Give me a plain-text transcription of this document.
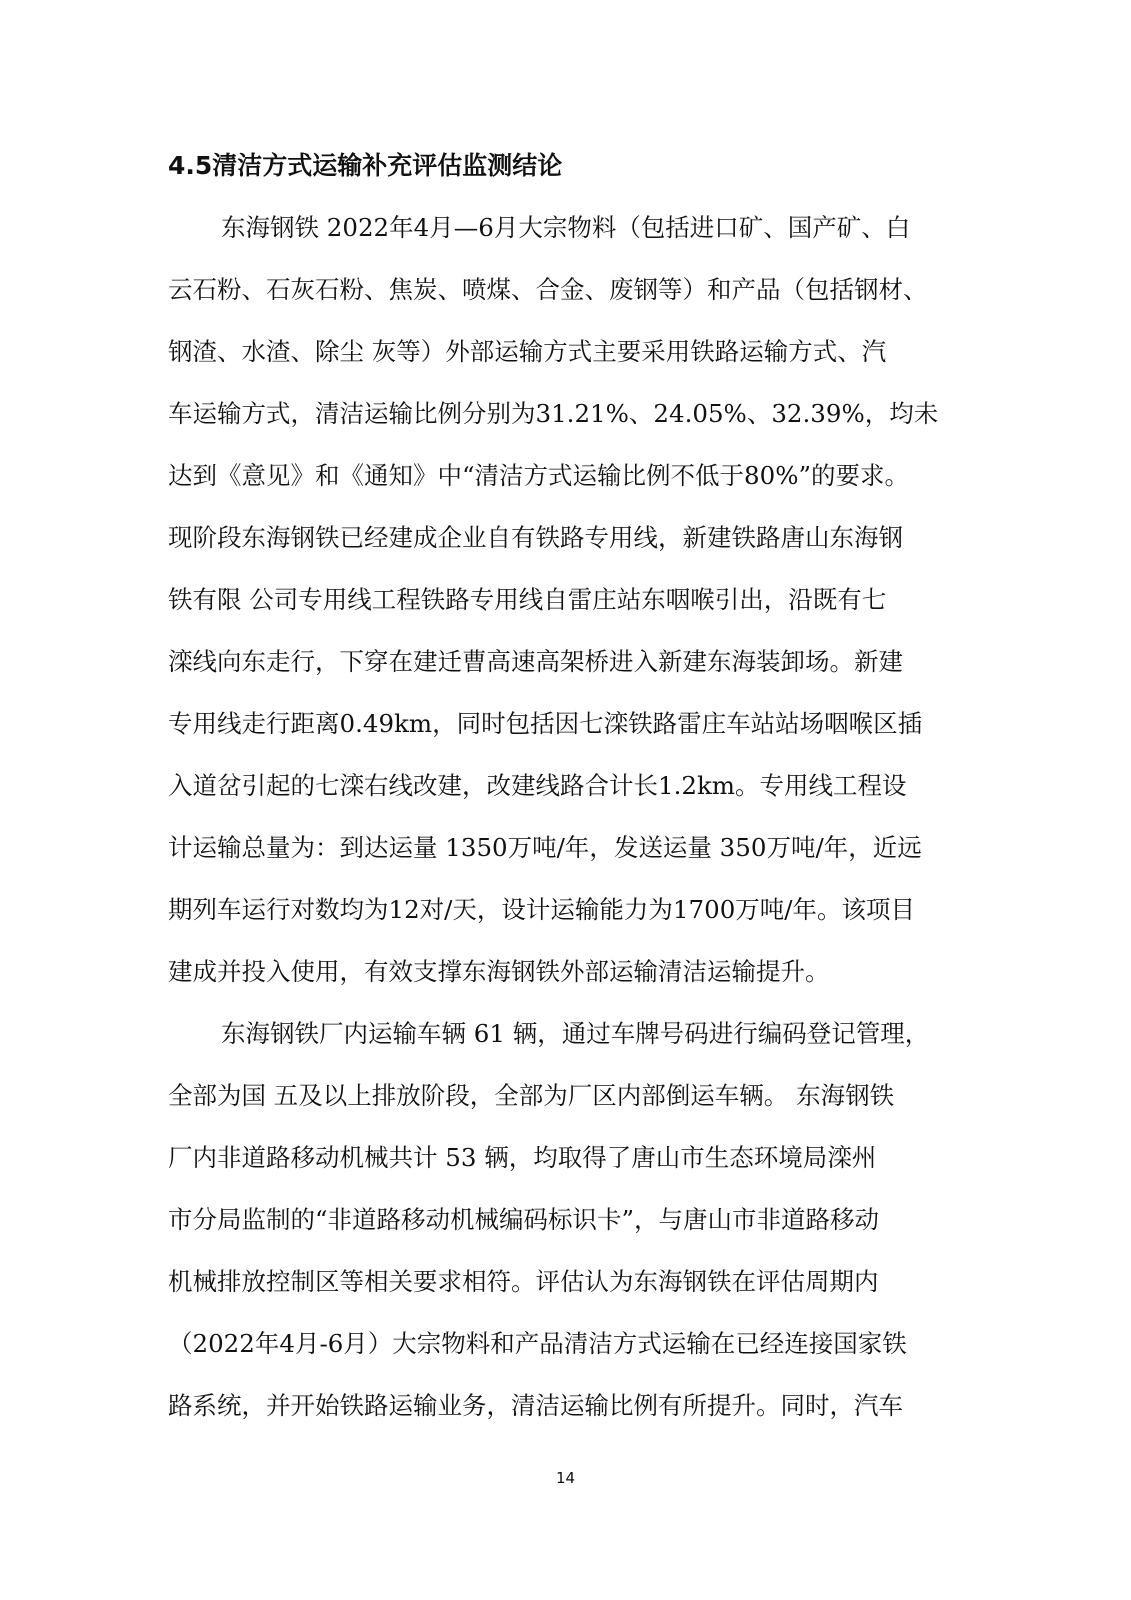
4.5清洁方式运输补充评估监测结论
东海钢铁 2022年4月—6月大宗物料（包括进口矿、国产矿、白
云石粉、石灰石粉、焦炭、喷煤、合金、废钢等）和产品（包括钢材、
钢渣、水渣、除尘 灰等）外部运输方式主要采用铁路运输方式、汽
车运输方式，清洁运输比例分别为31.21%、24.05%、32.39%，均未
达到《意见》和《通知》中“清洁方式运输比例不低于80%”的要求。
现阶段东海钢铁已经建成企业自有铁路专用线，新建铁路唐山东海钢
铁有限 公司专用线工程铁路专用线自雷庄站东咽喉引出，沿既有七
滦线向东走行，下穿在建迁曹高速高架桥进入新建东海装卸场。新建
专用线走行距离0.49km，同时包括因七滦铁路雷庄车站站场咽喉区插
入道岔引起的七滦右线改建，改建线路合计长1.2km。专用线工程设
计运输总量为：到达运量 1350万吨/年，发送运量 350万吨/年，近远
期列车运行对数均为12对/天，设计运输能力为1700万吨/年。该项目
建成并投入使用，有效支撑东海钢铁外部运输清洁运输提升。
东海钢铁厂内运输车辆 61 辆，通过车牌号码进行编码登记管理，
全部为国 五及以上排放阶段，全部为厂区内部倒运车辆。 东海钢铁
厂内非道路移动机械共计 53 辆，均取得了唐山市生态环境局滦州
市分局监制的“非道路移动机械编码标识卡”，与唐山市非道路移动
机械排放控制区等相关要求相符。评估认为东海钢铁在评估周期内
（2022年4月-6月）大宗物料和产品清洁方式运输在已经连接国家铁
路系统，并开始铁路运输业务，清洁运输比例有所提升。同时，汽车
14
